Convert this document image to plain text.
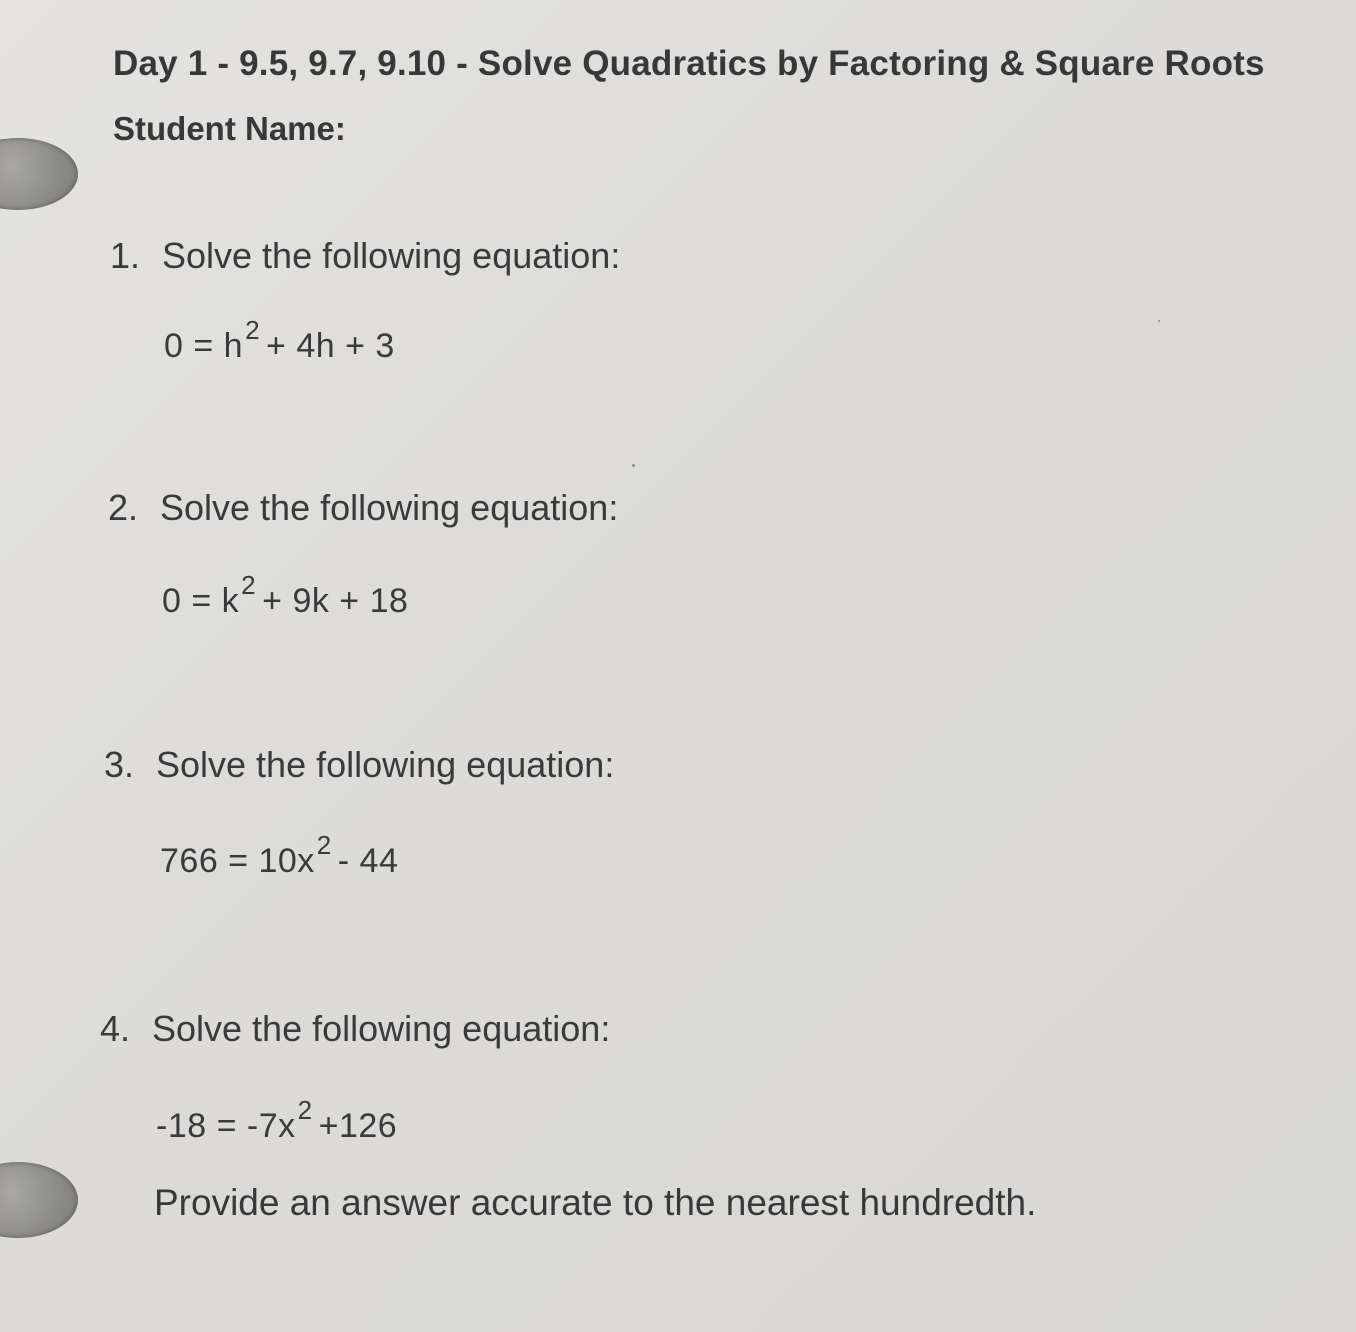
Day 1 - 9.5, 9.7, 9.10 - Solve Quadratics by Factoring & Square Roots
Student Name:
1. Solve the following equation:
$0 = h^2 + 4h + 3$
2. Solve the following equation:
$0 = k^2 + 9k + 18$
3. Solve the following equation:
$766 = 10x^2 - 44$
4. Solve the following equation:
$-18 = -7x^2 +126$
Provide an answer accurate to the nearest hundredth.
